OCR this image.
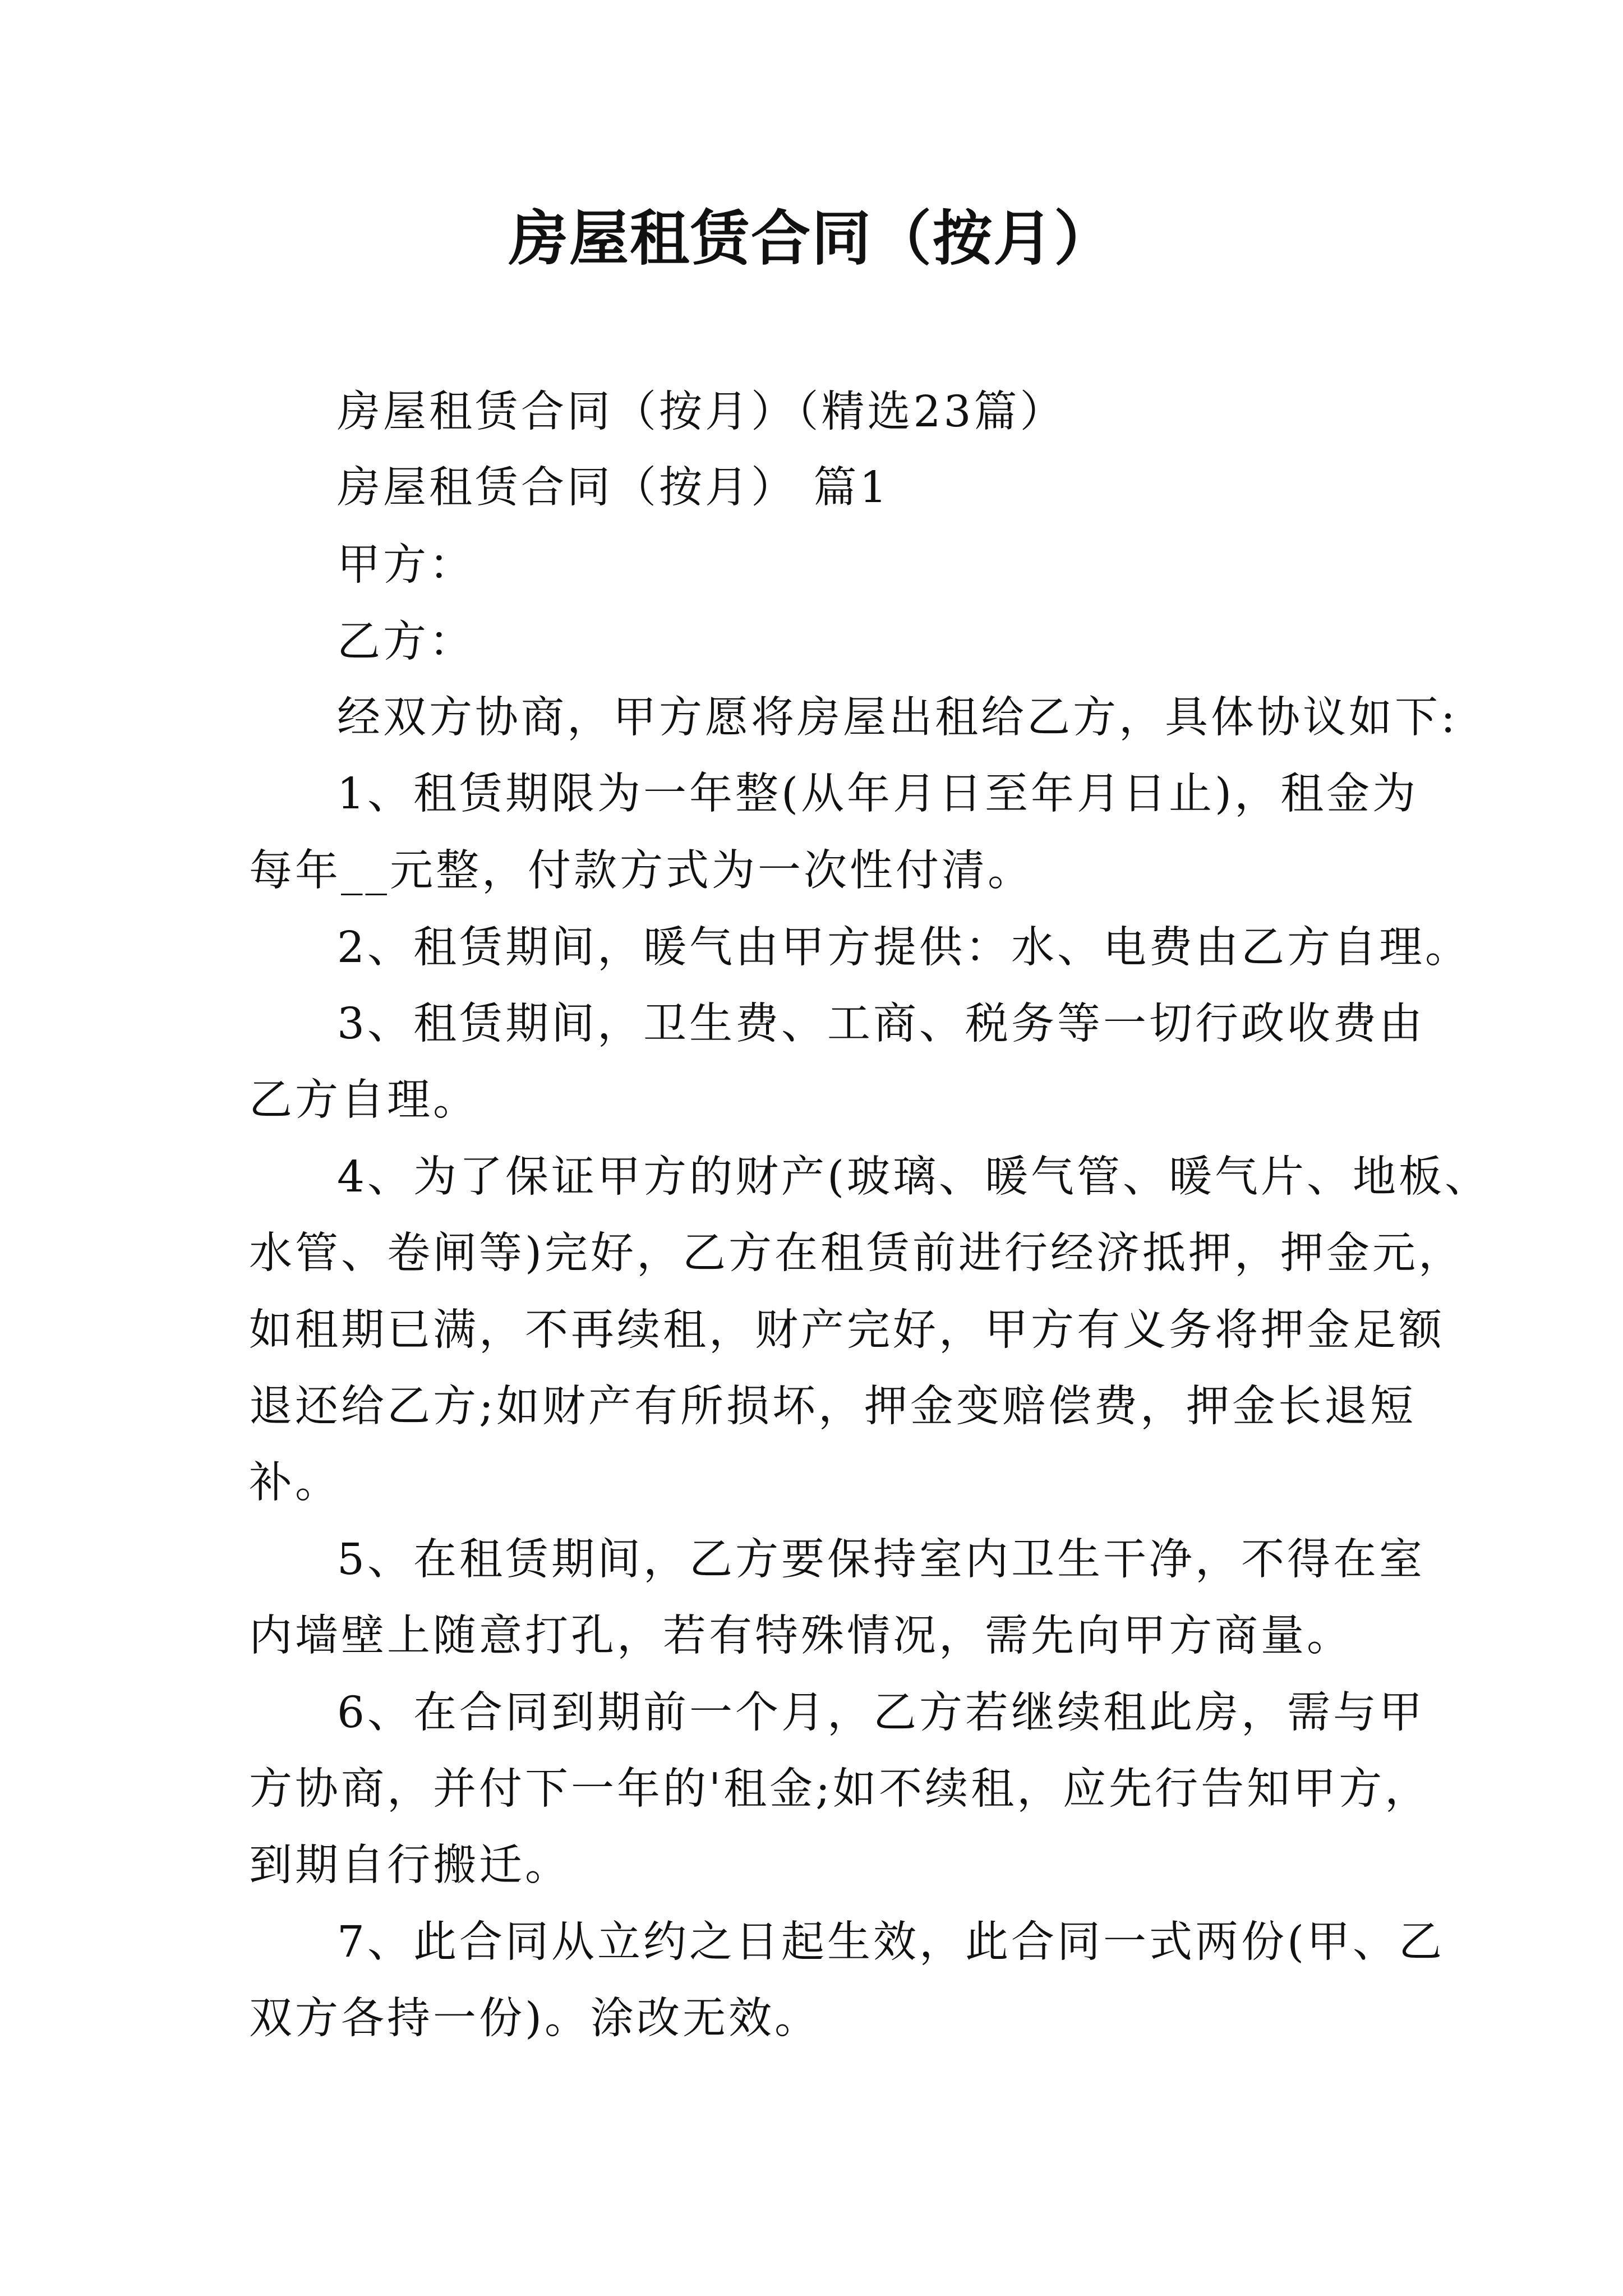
房屋租赁合同（按月）
房屋租赁合同（按月）（精选23篇）
房屋租赁合同（按月） 篇1
甲方：
乙方：
经双方协商，甲方愿将房屋出租给乙方，具体协议如下:
1、租赁期限为一年整(从年月日至年月日止)，租金为
每年__元整，付款方式为一次性付清。
2、租赁期间，暖气由甲方提供：水、电费由乙方自理。
3、租赁期间，卫生费、工商、税务等一切行政收费由
乙方自理。
4、为了保证甲方的财产(玻璃、暖气管、暖气片、地板、
水管、卷闸等)完好，乙方在租赁前进行经济抵押，押金元，
如租期已满，不再续租，财产完好，甲方有义务将押金足额
退还给乙方;如财产有所损坏，押金变赔偿费，押金长退短
补。
5、在租赁期间，乙方要保持室内卫生干净，不得在室
内墙壁上随意打孔，若有特殊情况，需先向甲方商量。
6、在合同到期前一个月，乙方若继续租此房，需与甲
方协商，并付下一年的'租金;如不续租，应先行告知甲方，
到期自行搬迁。
7、此合同从立约之日起生效，此合同一式两份(甲、乙
双方各持一份)。涂改无效。
